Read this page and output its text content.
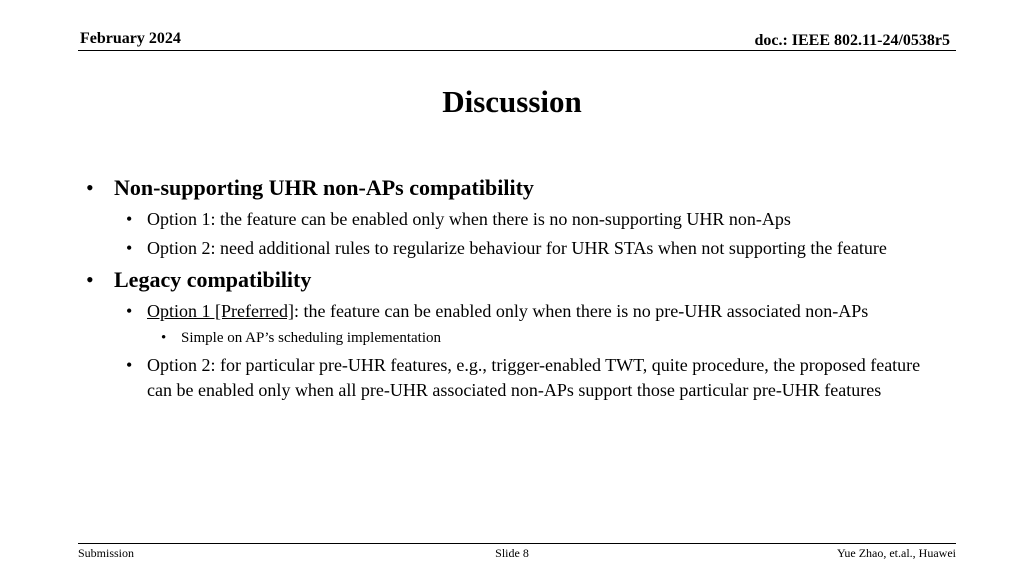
February 2024	doc.: IEEE 802.11-24/0538r5
Discussion
• Non-supporting UHR non-APs compatibility
• Option 1: the feature can be enabled only when there is no non-supporting UHR non-Aps
• Option 2: need additional rules to regularize behaviour for UHR STAs when not supporting the feature
• Legacy compatibility
• Option 1 [Preferred]: the feature can be enabled only when there is no pre-UHR associated non-APs
• Simple on AP’s scheduling implementation
• Option 2: for particular pre-UHR features, e.g., trigger-enabled TWT, quite procedure, the proposed feature can be enabled only when all pre-UHR associated non-APs support those particular pre-UHR features
Submission	Slide 8	Yue Zhao, et.al., Huawei
